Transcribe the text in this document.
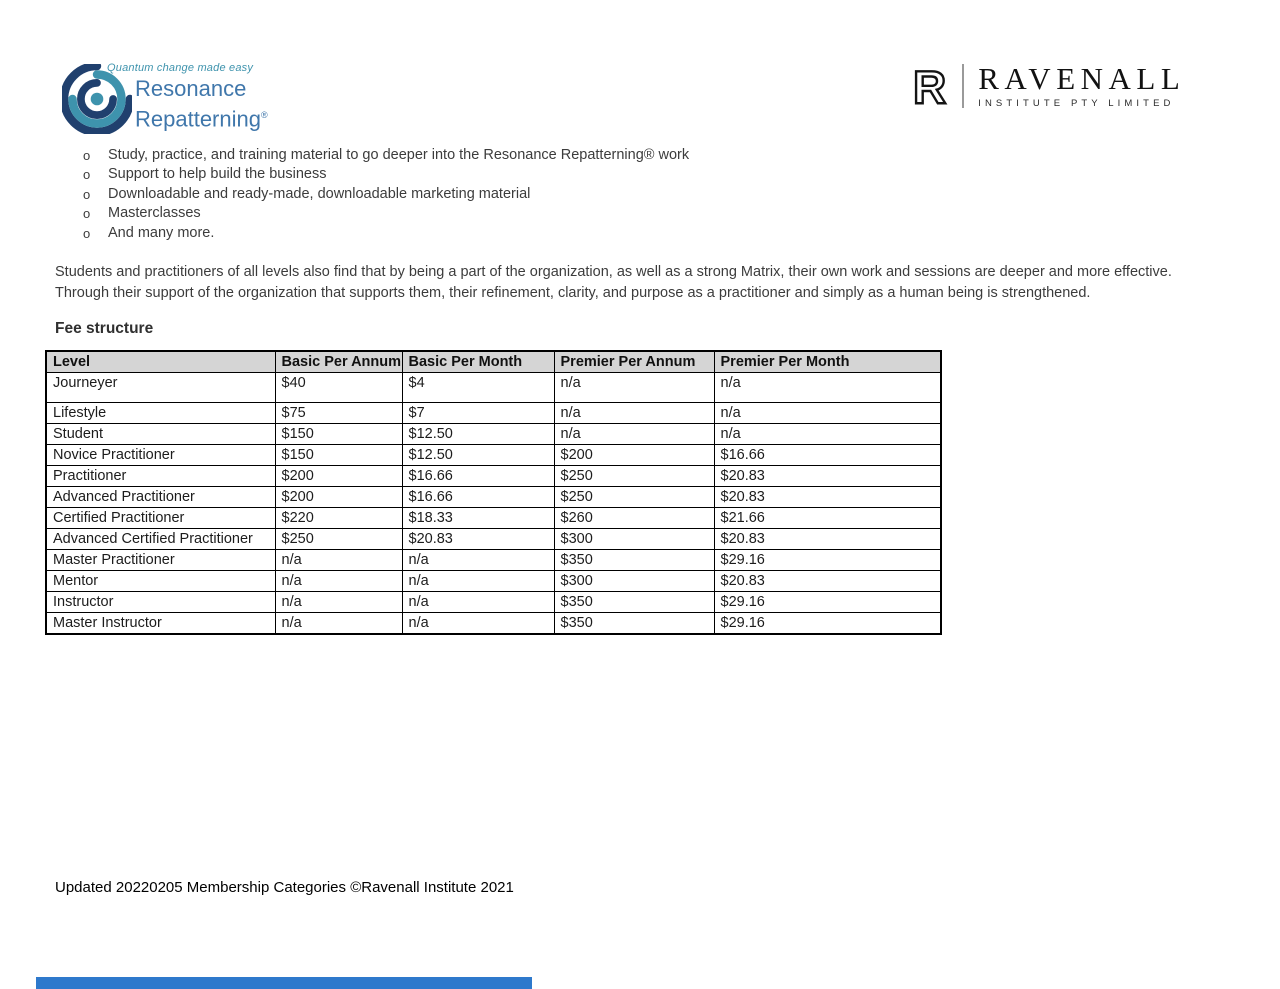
Quantum change made easy
Resonance
Repatterning®
R RAVENALL
INSTITUTE PTY LIMITED
o Study, practice, and training material to go deeper into the Resonance Repatterning® work
o Support to help build the business
o Downloadable and ready-made, downloadable marketing material
o Masterclasses
o And many more.
Students and practitioners of all levels also find that by being a part of the organization, as well as a strong Matrix, their own work and sessions are deeper and more effective. Through their support of the organization that supports them, their refinement, clarity, and purpose as a practitioner and simply as a human being is strengthened.
Fee structure
Level	Basic Per Annum	Basic Per Month	Premier Per Annum	Premier Per Month
Journeyer	$40	$4	n/a	n/a
Lifestyle	$75	$7	n/a	n/a
Student	$150	$12.50	n/a	n/a
Novice Practitioner	$150	$12.50	$200	$16.66
Practitioner	$200	$16.66	$250	$20.83
Advanced Practitioner	$200	$16.66	$250	$20.83
Certified Practitioner	$220	$18.33	$260	$21.66
Advanced Certified Practitioner	$250	$20.83	$300	$20.83
Master Practitioner	n/a	n/a	$350	$29.16
Mentor	n/a	n/a	$300	$20.83
Instructor	n/a	n/a	$350	$29.16
Master Instructor	n/a	n/a	$350	$29.16
Updated 20220205 Membership Categories ©Ravenall Institute 2021
